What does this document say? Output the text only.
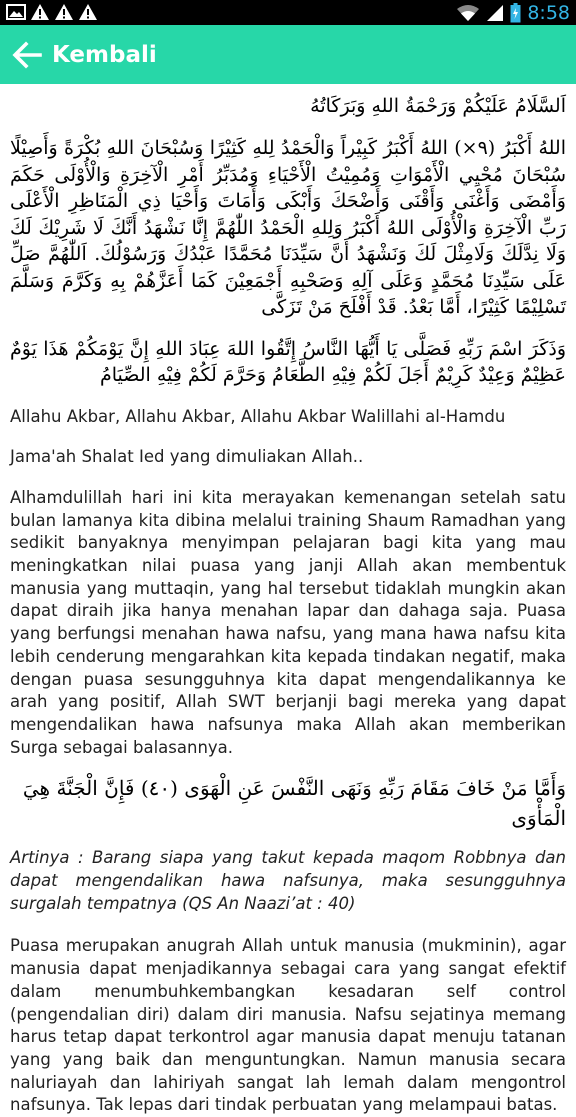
8:58
Kembali

اَلسَّلَامُ عَلَيْكُمْ وَرَحْمَةُ اللهِ وَبَرَكَاتُهُ

اللهُ أَكْبَرُ (٩×) اللهُ أَكْبَرُ كَبِيْراً وَالْحَمْدُ لِلهِ كَثِيْرًا وَسُبْحَانَ اللهِ بُكْرَةً وَأَصِيْلًا سُبْحَانَ مُحْيِي الْأَمْوَاتِ وَمُمِيْتُ الْأَحْيَاءِ وَمُدَبِّرُ أَمْرِ الْآخِرَةِ وَالْأُوْلَى حَكَمَ وَأَمْضَى وَأَغْنَى وَأَقْنَى وَأَضْحَكَ وَأَبْكَى وَأَمَاتَ وَأَحْيَا ذِي الْمَنَاظِرِ الْأَعْلَى رَبِّ الْآخِرَةِ وَالْأُوْلَى اللهُ أَكْبَرُ وَلِلهِ الْحَمْدُ اللّٰهُمَّ إِنَّا نَشْهَدُ أَنَّكَ لَا شَرِيْكَ لَكَ وَلَا نِدَّلَكَ وَلَامِثْلَ لَكَ وَنَشْهَدُ أَنَّ سَيِّدَنَا مُحَمَّدًا عَبْدُكَ وَرَسُوْلُكَ. اَللّٰهُمَّ صَلِّ عَلَى سَيِّدِنَا مُحَمَّدٍ وَعَلَى آلِهِ وَصَحْبِهِ أَجْمَعِيْنَ كَمَا أَعَزَّهُمْ بِهِ وَكَرَّمَ وَسَلَّمَ تَسْلِيْمًا كَثِيْرًا، أَمَّا بَعْدُ. قَدْ أَفْلَحَ مَنْ تَزَكَّى

وَذَكَرَ اسْمَ رَبِّهِ فَصَلَّى يَا أَيُّهَا النَّاسُ إِتَّقُوا اللهَ عِبَادَ اللهِ إِنَّ يَوْمَكُمْ هَذَا يَوْمٌ عَظِيْمٌ وَعِيْدٌ كَرِيْمٌ أَجَلَ لَكُمْ فِيْهِ الطَّعَامُ وَحَرَّمَ لَكُمْ فِيْهِ الصِّيَامُ

Allahu Akbar, Allahu Akbar, Allahu Akbar Walillahi al-Hamdu

Jama'ah Shalat Ied yang dimuliakan Allah..

Alhamdulillah hari ini kita merayakan kemenangan setelah satu bulan lamanya kita dibina melalui training Shaum Ramadhan yang sedikit banyaknya menyimpan pelajaran bagi kita yang mau meningkatkan nilai puasa yang janji Allah akan membentuk manusia yang muttaqin, yang hal tersebut tidaklah mungkin akan dapat diraih jika hanya menahan lapar dan dahaga saja. Puasa yang berfungsi menahan hawa nafsu, yang mana hawa nafsu kita lebih cenderung mengarahkan kita kepada tindakan negatif, maka dengan puasa sesungguhnya kita dapat mengendalikannya ke arah yang positif, Allah SWT berjanji bagi mereka yang dapat mengendalikan hawa nafsunya maka Allah akan memberikan Surga sebagai balasannya.

وَأَمَّا مَنْ خَافَ مَقَامَ رَبِّهِ وَنَهَى النَّفْسَ عَنِ الْهَوَى (٤٠) فَإِنَّ الْجَنَّةَ هِيَ الْمَأْوَى

Artinya : Barang siapa yang takut kepada maqom Robbnya dan dapat mengendalikan hawa nafsunya, maka sesungguhnya surgalah tempatnya (QS An Naazi’at : 40)

Puasa merupakan anugrah Allah untuk manusia (mukminin), agar manusia dapat menjadikannya sebagai cara yang sangat efektif dalam menumbuhkembangkan kesadaran self control (pengendalian diri) dalam diri manusia. Nafsu sejatinya memang harus tetap dapat terkontrol agar manusia dapat menuju tatanan yang yang baik dan menguntungkan. Namun manusia secara naluriayah dan lahiriyah sangat lah lemah dalam mengontrol nafsunya. Tak lepas dari tindak perbuatan yang melampaui batas.
